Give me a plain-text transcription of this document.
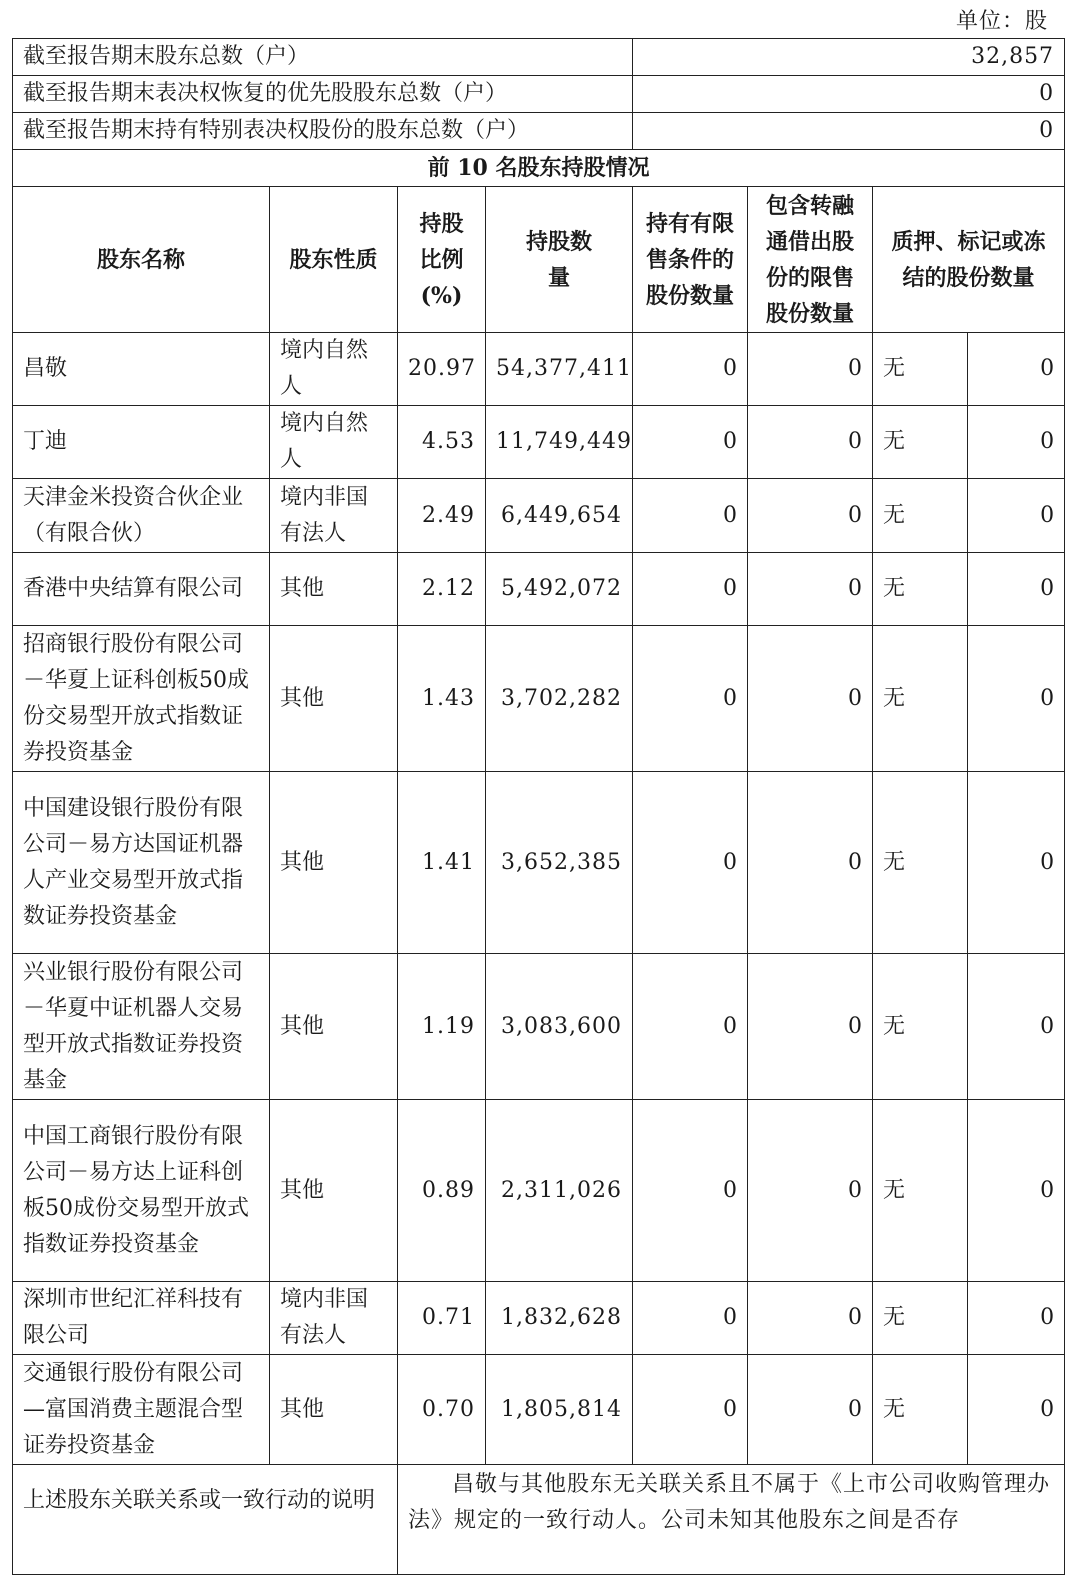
单位：股
截至报告期末股东总数（户）				32,857			
截至报告期末表决权恢复的优先股股东总数（户）				0			
截至报告期末持有特别表决权股份的股东总数（户）				0			
前 10 名股东持股情况							
股东名称	股东性质	持股比例(%)	持股数量	持有有限售条件的股份数量	包含转融通借出股份的限售股份数量	质押、标记或冻结的股份数量	
昌敬	境内自然人	20.97	54,377,411	0	0	无	0
丁迪	境内自然人	4.53	11,749,449	0	0	无	0
天津金米投资合伙企业（有限合伙）	境内非国有法人	2.49	6,449,654	0	0	无	0
香港中央结算有限公司	其他	2.12	5,492,072	0	0	无	0
招商银行股份有限公司－华夏上证科创板50成份交易型开放式指数证券投资基金	其他	1.43	3,702,282	0	0	无	0
中国建设银行股份有限公司－易方达国证机器人产业交易型开放式指数证券投资基金	其他	1.41	3,652,385	0	0	无	0
兴业银行股份有限公司－华夏中证机器人交易型开放式指数证券投资基金	其他	1.19	3,083,600	0	0	无	0
中国工商银行股份有限公司－易方达上证科创板50成份交易型开放式指数证券投资基金	其他	0.89	2,311,026	0	0	无	0
深圳市世纪汇祥科技有限公司	境内非国有法人	0.71	1,832,628	0	0	无	0
交通银行股份有限公司—富国消费主题混合型证券投资基金	其他	0.70	1,805,814	0	0	无	0
上述股东关联关系或一致行动的说明		昌敬与其他股东无关联关系且不属于《上市公司收购管理办法》规定的一致行动人。公司未知其他股东之间是否存					
